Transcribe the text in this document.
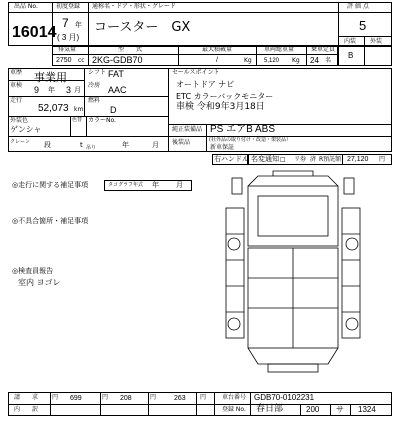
出品 No.
16014
初度登録
7 年
( 3 月)
通称名・ドア・形状・グレード
コースター　GX
評 価 点
5
内装 外装
B
排気量
2750 cc
型　　式
2KG-GDB70
最大積載量
/	Kg
車両総重量
5,120 Kg
乗車定員
24 名
車歴 事業用	シフト FAT
車検 9 年 3 月
冷房 AAC
走行
52,073 km
燃料
D
外装色
ゲンシャ
色替 カラーNo.
クレーン 段	t 吊り	年	月
セールスポイント
オートドア ナビ
ETC カラーバックモニター
車検 令和9年3月18日
純正装備品 PS エアB ABS
後装品	(社外品の取り付け・改造・架装品）
新車保証
右ハンドル 名変通知 □ リ券 済 R預託額 27,120 円
◎走行に関する補足事項	タコグラフ年式 年 月
◎不具合箇所・補足事項
◎検査員報告
室内 ヨゴレ
請　　求
内　　訳
円 699	円 208	円	263 円	車台番号 GDB70-0102231
登録 No. 春日部	200 サ 1324
